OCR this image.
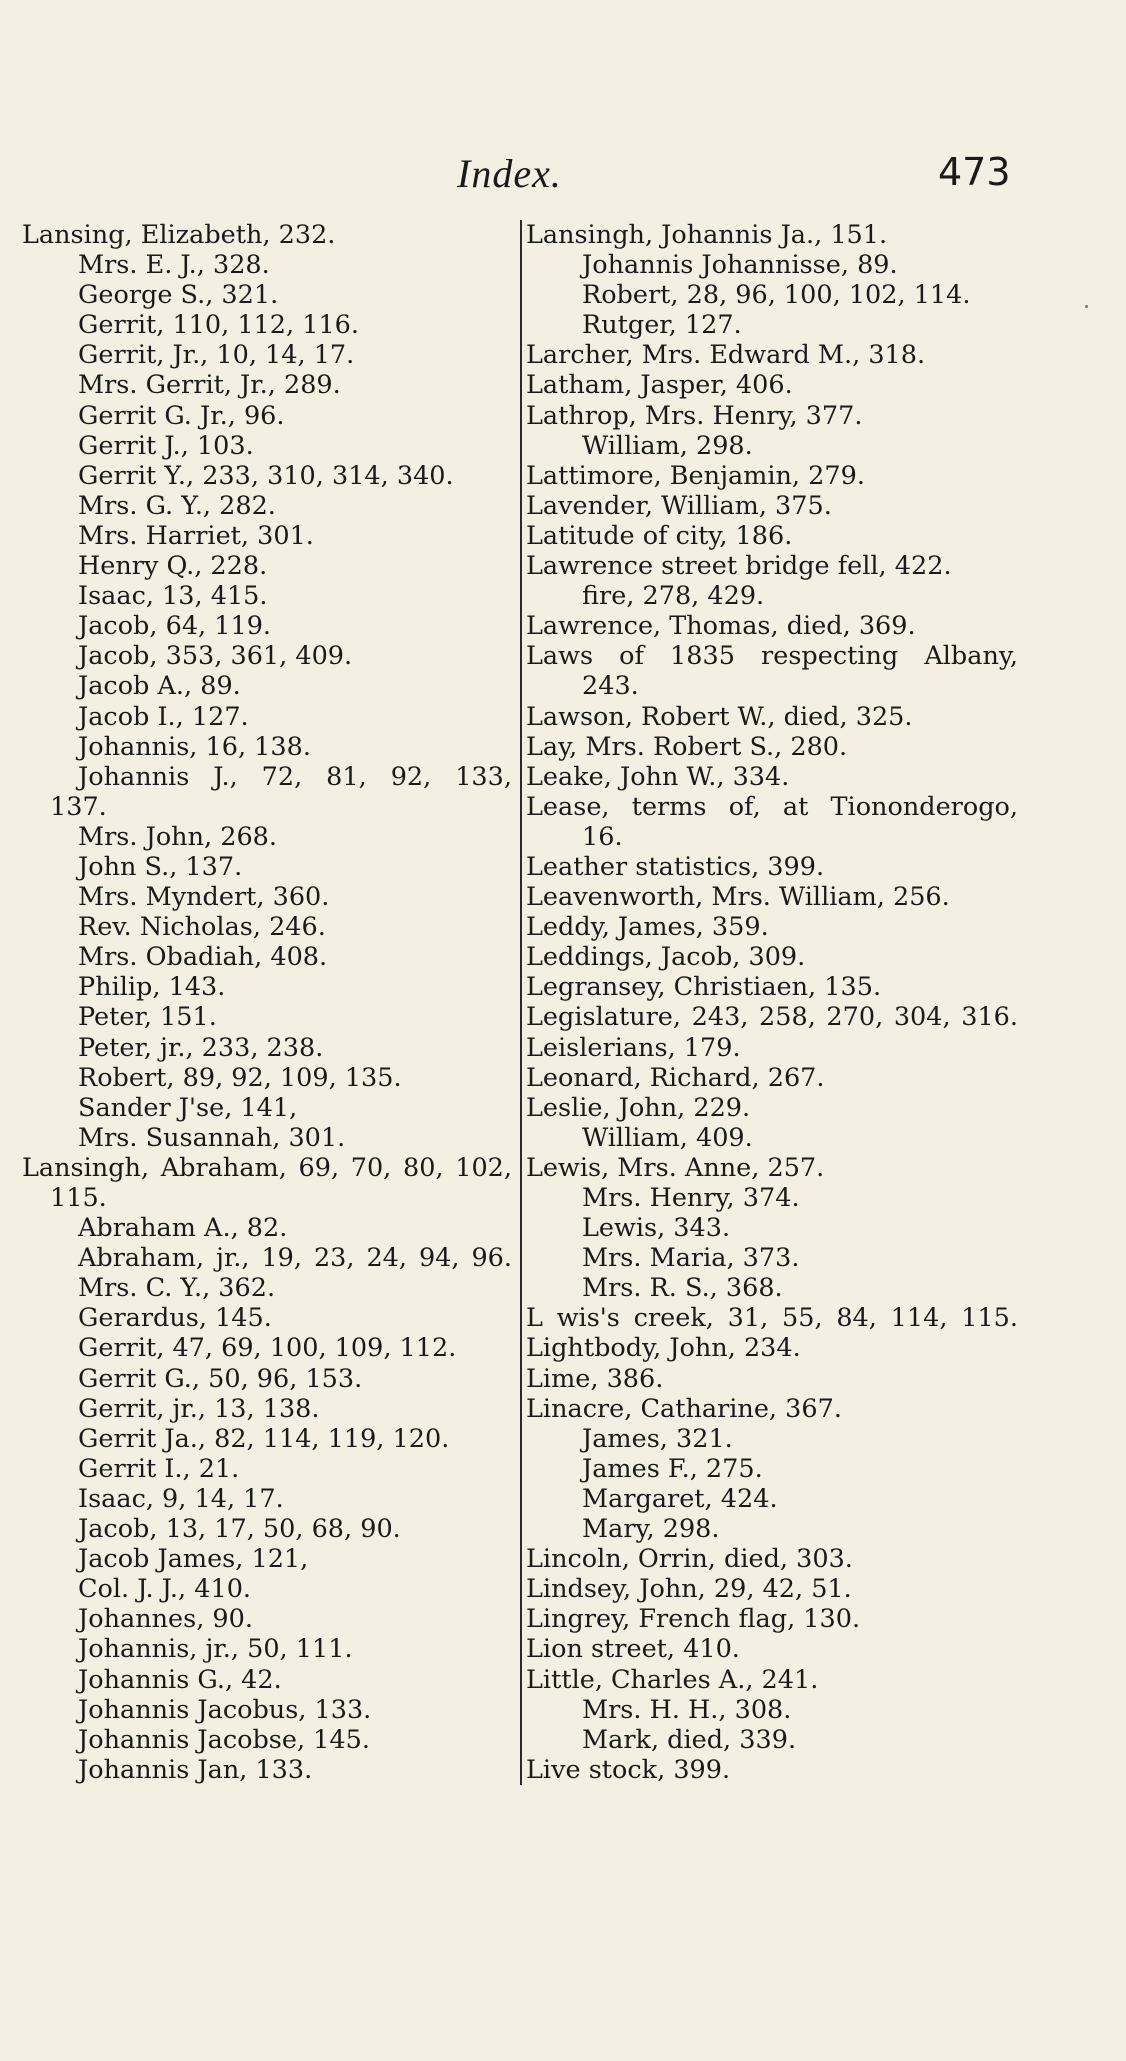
Index.	473
Lansing, Elizabeth, 232.
Mrs. E. J., 328.
George S., 321.
Gerrit, 110, 112, 116.
Gerrit, Jr., 10, 14, 17.
Mrs. Gerrit, Jr., 289.
Gerrit G. Jr., 96.
Gerrit J., 103.
Gerrit Y., 233, 310, 314, 340.
Mrs. G. Y., 282.
Mrs. Harriet, 301.
Henry Q., 228.
Isaac, 13, 415.
Jacob, 64, 119.
Jacob, 353, 361, 409.
Jacob A., 89.
Jacob I., 127.
Johannis, 16, 138.
Johannis J., 72, 81, 92, 133,
137.
Mrs. John, 268.
John S., 137.
Mrs. Myndert, 360.
Rev. Nicholas, 246.
Mrs. Obadiah, 408.
Philip, 143.
Peter, 151.
Peter, jr., 233, 238.
Robert, 89, 92, 109, 135.
Sander J'se, 141,
Mrs. Susannah, 301.
Lansingh, Abraham, 69, 70, 80, 102,
115.
Abraham A., 82.
Abraham, jr., 19, 23, 24, 94, 96.
Mrs. C. Y., 362.
Gerardus, 145.
Gerrit, 47, 69, 100, 109, 112.
Gerrit G., 50, 96, 153.
Gerrit, jr., 13, 138.
Gerrit Ja., 82, 114, 119, 120.
Gerrit I., 21.
Isaac, 9, 14, 17.
Jacob, 13, 17, 50, 68, 90.
Jacob James, 121,
Col. J. J., 410.
Johannes, 90.
Johannis, jr., 50, 111.
Johannis G., 42.
Johannis Jacobus, 133.
Johannis Jacobse, 145.
Johannis Jan, 133.
Lansingh, Johannis Ja., 151.
Johannis Johannisse, 89.
Robert, 28, 96, 100, 102, 114.
Rutger, 127.
Larcher, Mrs. Edward M., 318.
Latham, Jasper, 406.
Lathrop, Mrs. Henry, 377.
William, 298.
Lattimore, Benjamin, 279.
Lavender, William, 375.
Latitude of city, 186.
Lawrence street bridge fell, 422.
fire, 278, 429.
Lawrence, Thomas, died, 369.
Laws of 1835 respecting Albany,
243.
Lawson, Robert W., died, 325.
Lay, Mrs. Robert S., 280.
Leake, John W., 334.
Lease, terms of, at Tiononderogo,
16.
Leather statistics, 399.
Leavenworth, Mrs. William, 256.
Leddy, James, 359.
Leddings, Jacob, 309.
Legransey, Christiaen, 135.
Legislature, 243, 258, 270, 304, 316.
Leislerians, 179.
Leonard, Richard, 267.
Leslie, John, 229.
William, 409.
Lewis, Mrs. Anne, 257.
Mrs. Henry, 374.
Lewis, 343.
Mrs. Maria, 373.
Mrs. R. S., 368.
L wis's creek, 31, 55, 84, 114, 115.
Lightbody, John, 234.
Lime, 386.
Linacre, Catharine, 367.
James, 321.
James F., 275.
Margaret, 424.
Mary, 298.
Lincoln, Orrin, died, 303.
Lindsey, John, 29, 42, 51.
Lingrey, French flag, 130.
Lion street, 410.
Little, Charles A., 241.
Mrs. H. H., 308.
Mark, died, 339.
Live stock, 399.
